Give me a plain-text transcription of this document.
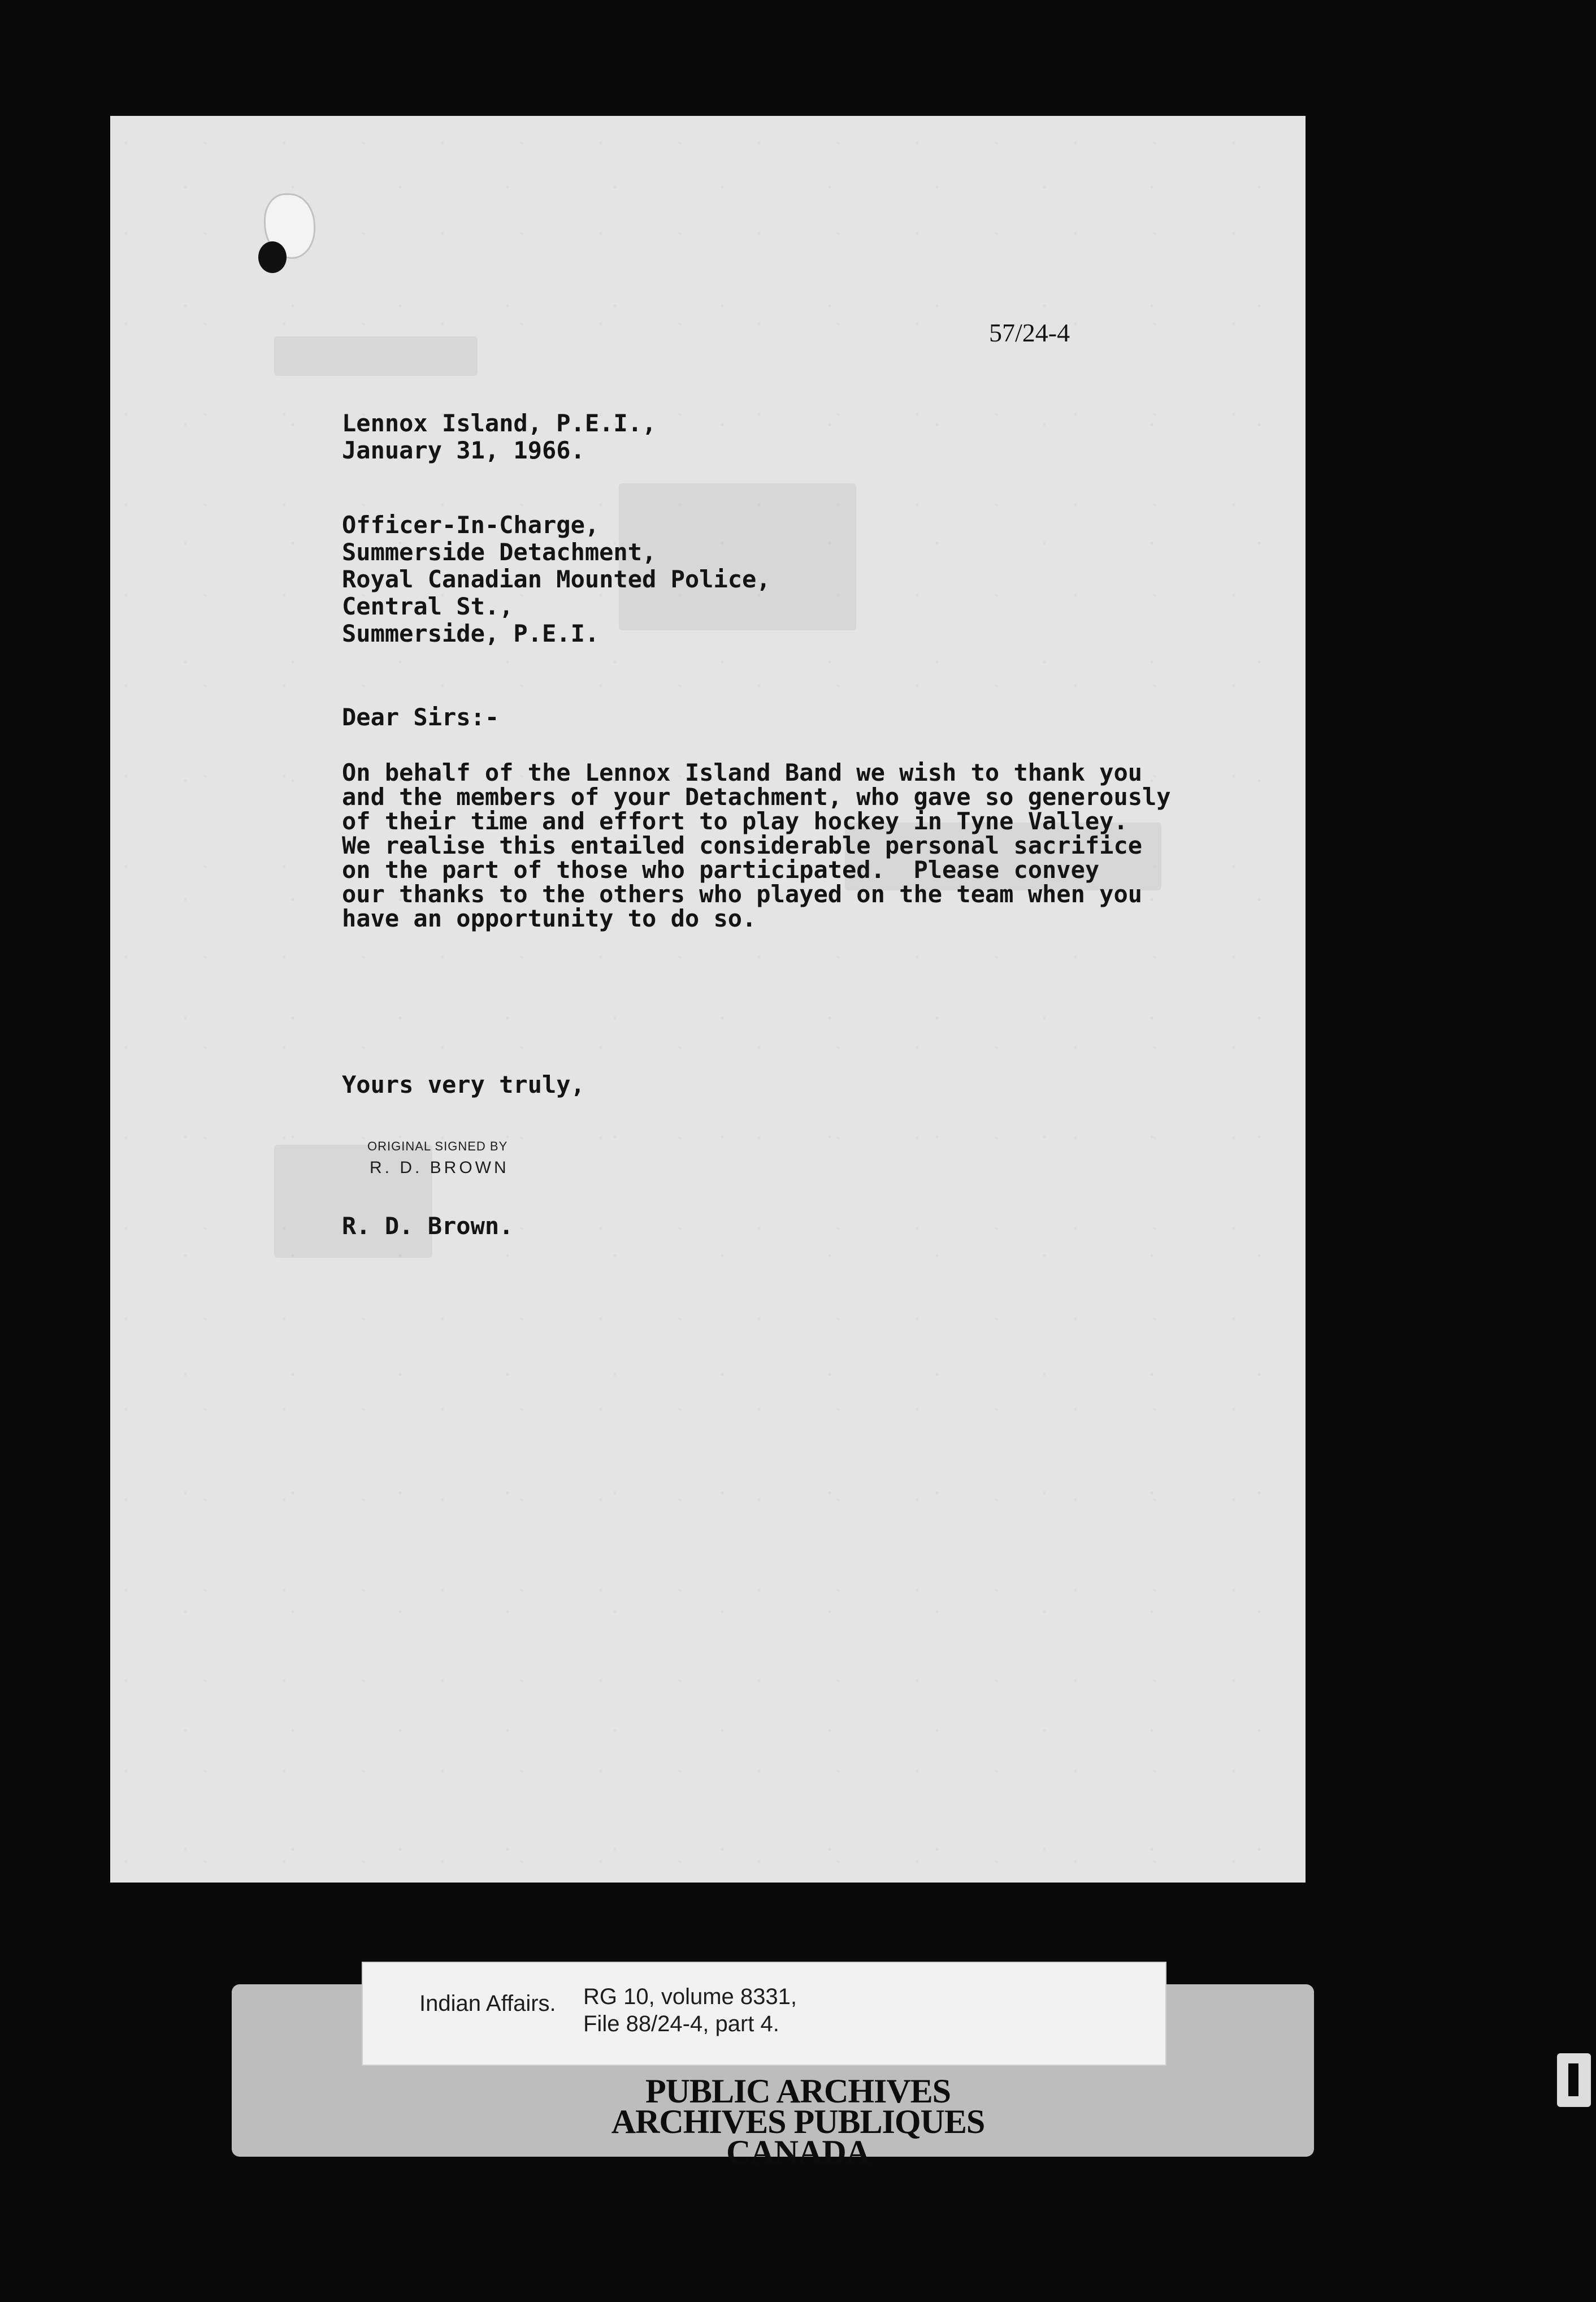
57/24-4

Lennox Island, P.E.I.,
January 31, 1966.

Officer-In-Charge,
Summerside Detachment,
Royal Canadian Mounted Police,
Central St.,
Summerside, P.E.I.

Dear Sirs:-

On behalf of the Lennox Island Band we wish to thank you
and the members of your Detachment, who gave so generously
of their time and effort to play hockey in Tyne Valley.
We realise this entailed considerable personal sacrifice
on the part of those who participated.  Please convey
our thanks to the others who played on the team when you
have an opportunity to do so.

Yours very truly,

ORIGINAL SIGNED BY
R. D. BROWN

R. D. Brown.

Indian Affairs. RG 10, volume 8331,
File 88/24-4, part 4.
PUBLIC ARCHIVES
ARCHIVES PUBLIQUES
CANADA
